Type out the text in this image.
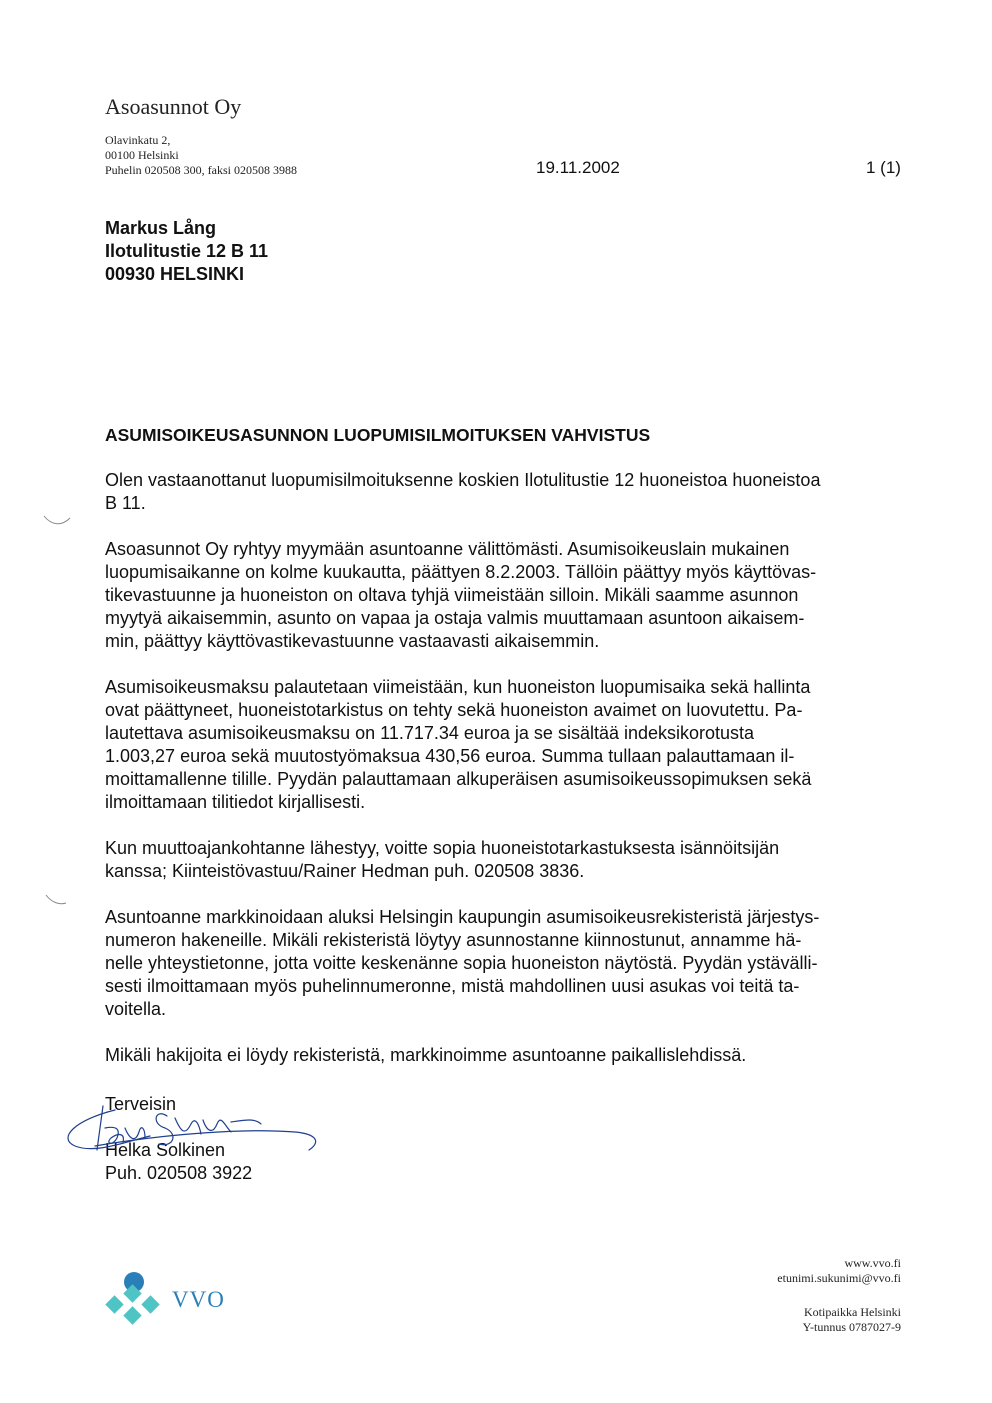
Asoasunnot Oy
Olavinkatu 2,
00100 Helsinki
Puhelin 020508 300, faksi 020508 3988	19.11.2002	1 (1)
Markus Lång
Ilotulitustie 12 B 11
00930 HELSINKI
ASUMISOIKEUSASUNNON LUOPUMISILMOITUKSEN VAHVISTUS

Olen vastaanottanut luopumisilmoituksenne koskien Ilotulitustie 12 huoneistoa huoneistoa
B 11.

Asoasunnot Oy ryhtyy myymään asuntoanne välittömästi. Asumisoikeuslain mukainen
luopumisaikanne on kolme kuukautta, päättyen 8.2.2003. Tällöin päättyy myös käyttövas-
tikevastuunne ja huoneiston on oltava tyhjä viimeistään silloin. Mikäli saamme asunnon
myytyä aikaisemmin, asunto on vapaa ja ostaja valmis muuttamaan asuntoon aikaisem-
min, päättyy käyttövastikevastuunne vastaavasti aikaisemmin.

Asumisoikeusmaksu palautetaan viimeistään, kun huoneiston luopumisaika sekä hallinta
ovat päättyneet, huoneistotarkistus on tehty sekä huoneiston avaimet on luovutettu. Pa-
lautettava asumisoikeusmaksu on 11.717.34 euroa ja se sisältää indeksikorotusta
1.003,27 euroa sekä muutostyömaksua 430,56 euroa. Summa tullaan palauttamaan il-
moittamallenne tilille. Pyydän palauttamaan alkuperäisen asumisoikeussopimuksen sekä
ilmoittamaan tilitiedot kirjallisesti.

Kun muuttoajankohtanne lähestyy, voitte sopia huoneistotarkastuksesta isännöitsijän
kanssa; Kiinteistövastuu/Rainer Hedman puh. 020508 3836.

Asuntoanne markkinoidaan aluksi Helsingin kaupungin asumisoikeusrekisteristä järjestys-
numeron hakeneille. Mikäli rekisteristä löytyy asunnostanne kiinnostunut, annamme hä-
nelle yhteystietonne, jotta voitte keskenänne sopia huoneiston näytöstä. Pyydän ystävälli-
sesti ilmoittamaan myös puhelinnumeronne, mistä mahdollinen uusi asukas voi teitä ta-
voitella.

Mikäli hakijoita ei löydy rekisteristä, markkinoimme asuntoanne paikallislehdissä.

Terveisin
Helka Solkinen
Puh. 020508 3922
VVO
www.vvo.fi
etunimi.sukunimi@vvo.fi
Kotipaikka Helsinki
Y-tunnus 0787027-9
